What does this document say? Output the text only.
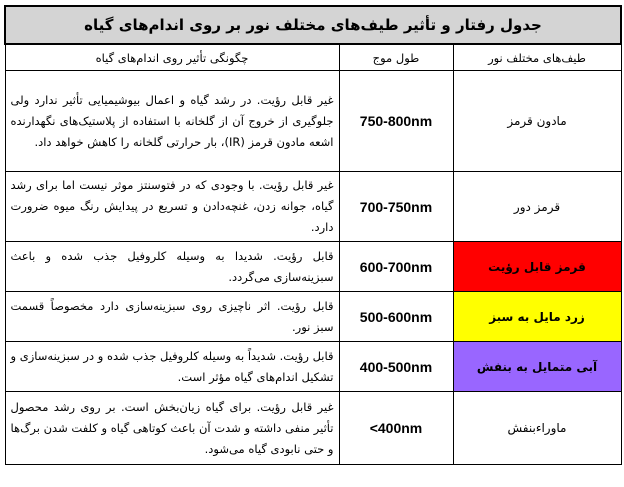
جدول رفتار و تأثیر طیف‌های مختلف نور بر روی اندام‌های گیاه		
طیف‌های مختلف نور	طول موج	چگونگی تأثیر روی اندام‌های گیاه
مادون قرمز	750-800nm	غیر قابل رؤیت. در رشد گیاه و اعمال بیوشیمیایی تأثیر ندارد ولی جلوگیری از خروج آن از گلخانه با استفاده از پلاستیک‌های نگهدارنده اشعه مادون قرمز (IR)، بار حرارتی گلخانه را کاهش خواهد داد.
قرمز دور	700-750nm	غیر قابل رؤیت. با وجودی که در فتوسنتز موثر نیست اما برای رشد گیاه، جوانه زدن، غنچه‌دادن و تسریع در پیدایش رنگ میوه ضرورت دارد.
قرمز قابل رؤیت	600-700nm	قابل رؤیت. شدیدا به وسیله کلروفیل جذب شده و باعث سبزینه‌سازی می‌گردد.
زرد مایل به سبز	500-600nm	قابل رؤیت. اثر ناچیزی روی سبزینه‌سازی دارد مخصوصاً قسمت سبز نور.
آبی متمایل به بنفش	400-500nm	قابل رؤیت. شدیداً به وسیله کلروفیل جذب شده و در سبزینه‌سازی و تشکیل اندام‌های گیاه مؤثر است.
ماوراءبنفش	<400nm	غیر قابل رؤیت. برای گیاه زیان‌بخش است. بر روی رشد محصول تأثیر منفی داشته و شدت آن باعث کوتاهی گیاه و کلفت شدن برگ‌ها و حتی نابودی گیاه می‌شود.
